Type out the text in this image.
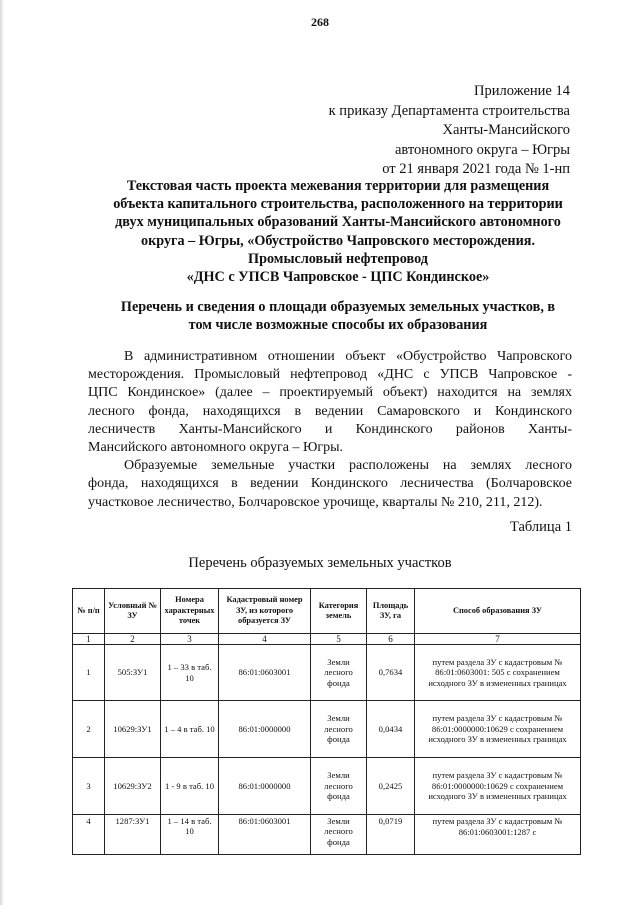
268
Приложение 14
к приказу Департамента строительства
Ханты-Мансийского
автономного округа – Югры
от 21 января 2021 года № 1-нп
Текстовая часть проекта межевания территории для размещения
объекта капитального строительства, расположенного на территории
двух муниципальных образований Ханты-Мансийского автономного
округа – Югры, «Обустройство Чапровского месторождения.
Промысловый нефтепровод
«ДНС с УПСВ Чапровское - ЦПС Кондинское»
Перечень и сведения о площади образуемых земельных участков, в
том числе возможные способы их образования
В административном отношении объект «Обустройство Чапровского
месторождения. Промысловый нефтепровод «ДНС с УПСВ Чапровское -
ЦПС Кондинское» (далее – проектируемый объект) находится на землях
лесного фонда, находящихся в ведении Самаровского и Кондинского
лесничеств Ханты-Мансийского и Кондинского районов Ханты-
Мансийского автономного округа – Югры.
Образуемые земельные участки расположены на землях лесного
фонда, находящихся в ведении Кондинского лесничества (Болчаровское
участковое лесничество, Болчаровское урочище, кварталы № 210, 211, 212).
Таблица 1
Перечень образуемых земельных участков
№ п/п	Условный № ЗУ	Номера характерных точек	Кадастровый номер ЗУ, из которого образуется ЗУ	Категория земель	Площадь ЗУ, га	Способ образования ЗУ
1	2	3	4	5	6	7
1	505:ЗУ1	1 – 33 в таб. 10	86:01:0603001	Земли лесного фонда	0,7634	путем раздела ЗУ с кадастровым № 86:01:0603001: 505 с сохранением исходного ЗУ в измененных границах
2	10629:ЗУ1	1 – 4 в таб. 10	86:01:0000000	Земли лесного фонда	0,0434	путем раздела ЗУ с кадастровым № 86:01:0000000:10629 с сохранением исходного ЗУ в измененных границах
3	10629:ЗУ2	1 - 9 в таб. 10	86:01:0000000	Земли лесного фонда	0,2425	путем раздела ЗУ с кадастровым № 86:01:0000000:10629 с сохранением исходного ЗУ в измененных границах
4	1287:ЗУ1	1 – 14 в таб. 10	86:01:0603001	Земли лесного фонда	0,0719	путем раздела ЗУ с кадастровым № 86:01:0603001:1287 с
